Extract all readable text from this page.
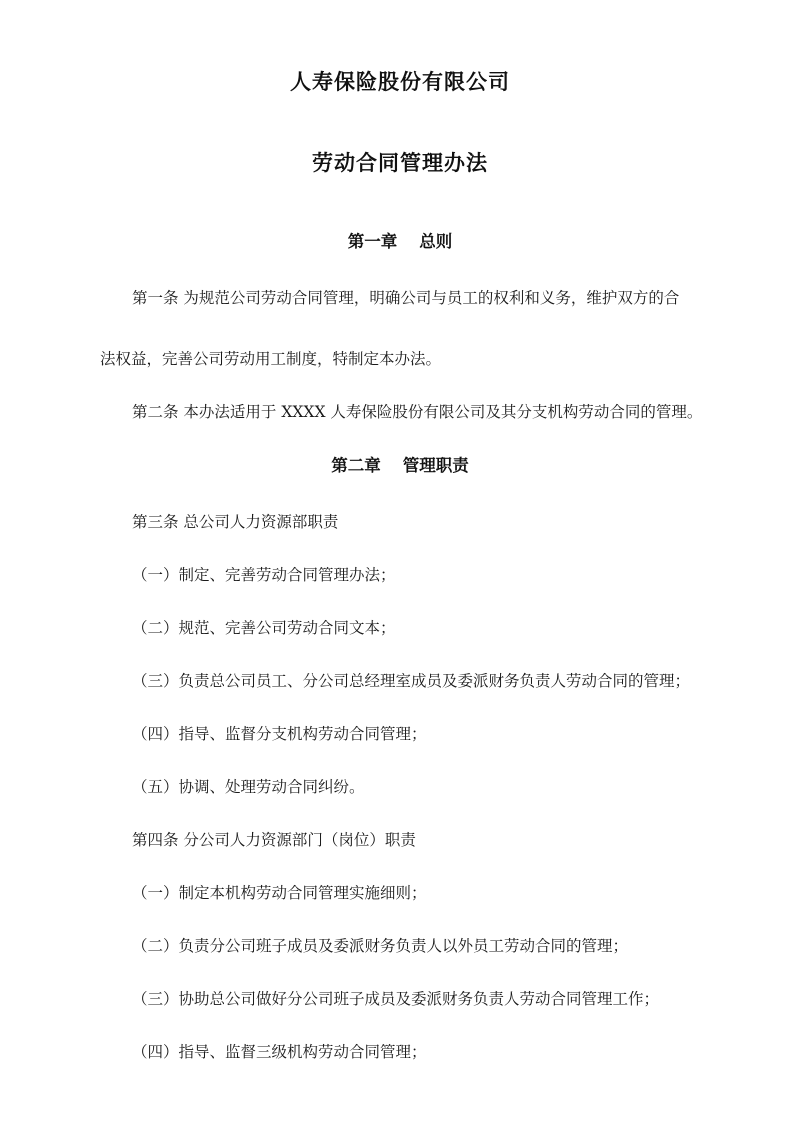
人寿保险股份有限公司
劳动合同管理办法
第一章 总则
第一条 为规范公司劳动合同管理，明确公司与员工的权利和义务，维护双方的合
法权益，完善公司劳动用工制度，特制定本办法。
第二条 本办法适用于 XXXX 人寿保险股份有限公司及其分支机构劳动合同的管理。
第二章 管理职责
第三条 总公司人力资源部职责
（一）制定、完善劳动合同管理办法；
（二）规范、完善公司劳动合同文本；
（三）负责总公司员工、分公司总经理室成员及委派财务负责人劳动合同的管理；
（四）指导、监督分支机构劳动合同管理；
（五）协调、处理劳动合同纠纷。
第四条 分公司人力资源部门（岗位）职责
（一）制定本机构劳动合同管理实施细则；
（二）负责分公司班子成员及委派财务负责人以外员工劳动合同的管理；
（三）协助总公司做好分公司班子成员及委派财务负责人劳动合同管理工作；
（四）指导、监督三级机构劳动合同管理；
